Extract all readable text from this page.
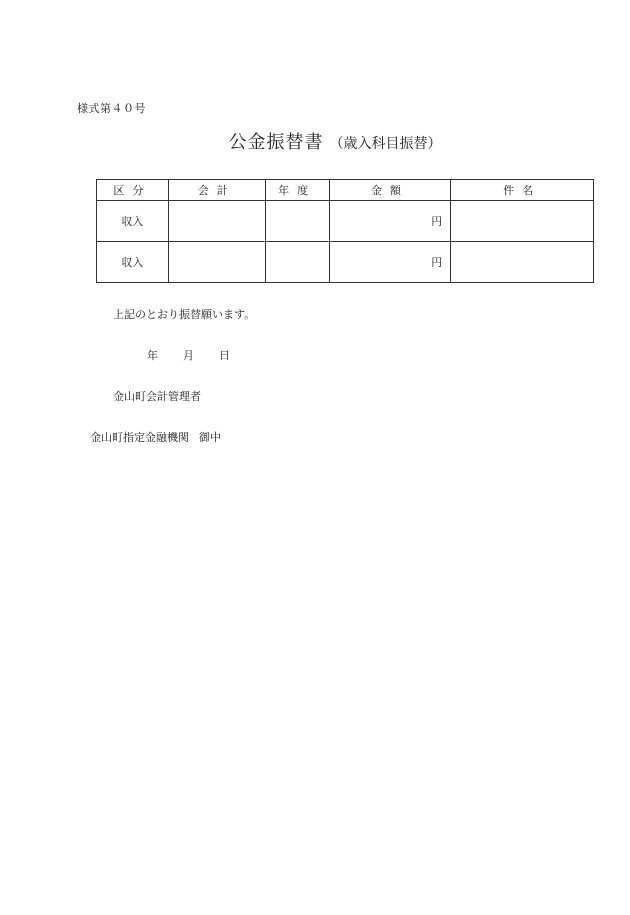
様式第４０号
公金振替書 （歳入科目振替）
区分	会計	年度	金額	件名
収入			円	
収入			円	
上記のとおり振替願います。
年 月 日
金山町会計管理者
金山町指定金融機関 御中
